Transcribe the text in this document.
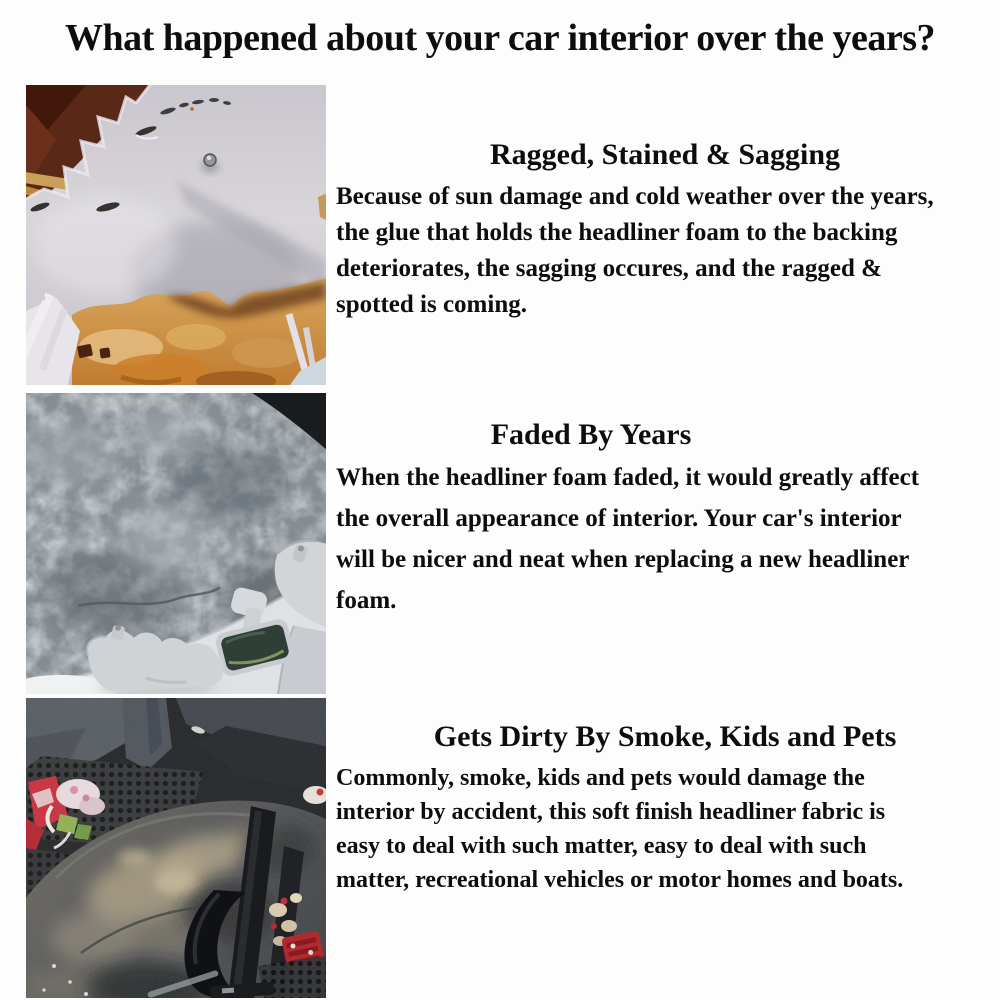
What happened about your car interior over the years?
Ragged, Stained & Sagging

Because of sun damage and cold weather over the years,

the glue that holds the headliner foam to the backing

deteriorates, the sagging occures, and the ragged &

spotted is coming.

Faded By Years

When the headliner foam faded, it would greatly affect

the overall appearance of interior. Your car's interior

will be nicer and neat when replacing a new headliner

foam.

Gets Dirty By Smoke, Kids and Pets

Commonly, smoke, kids and pets would damage the

interior by accident, this soft finish headliner fabric is

easy to deal with such matter, easy to deal with such

matter, recreational vehicles or motor homes and boats.
